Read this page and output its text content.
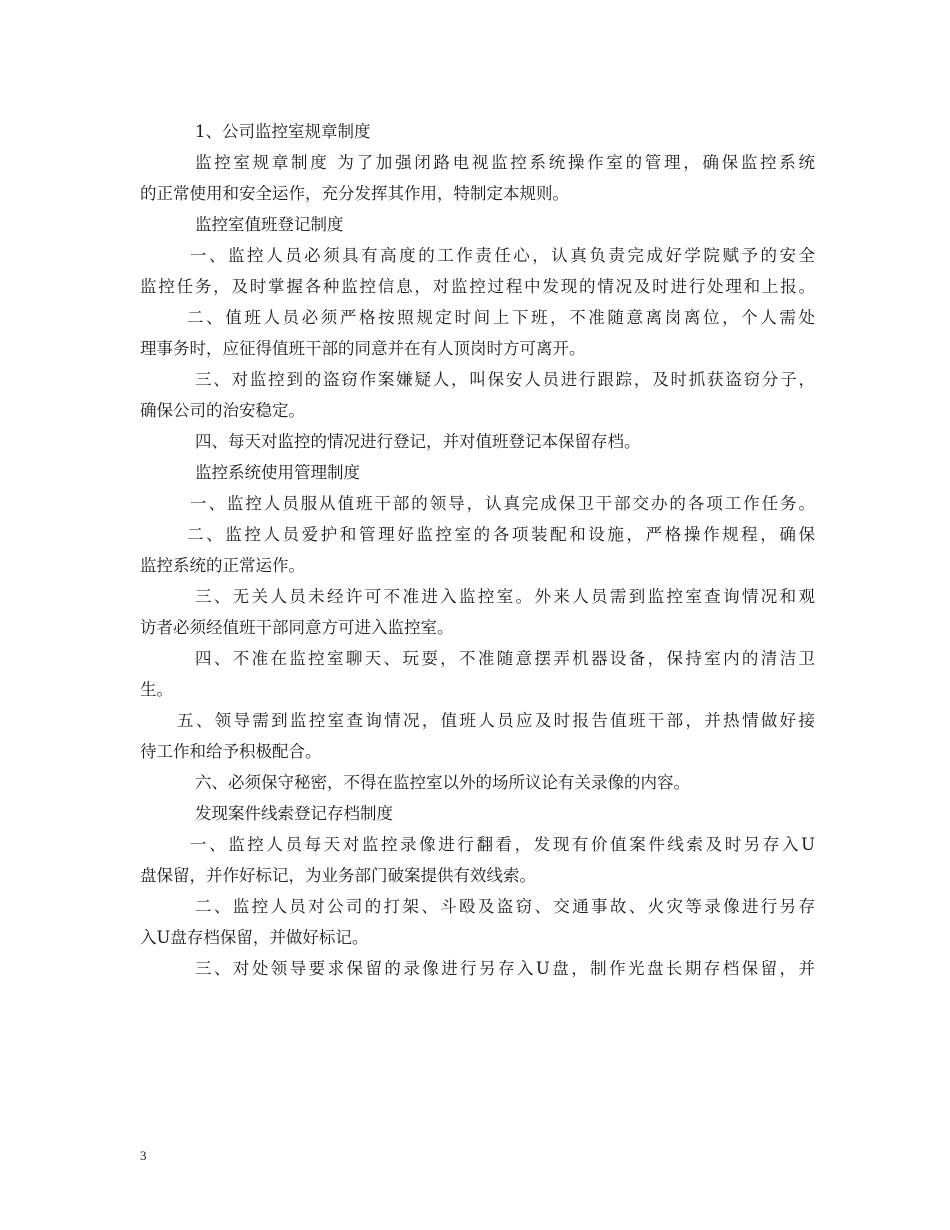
1、公司监控室规章制度
监控室规章制度 为了加强闭路电视监控系统操作室的管理，确保监控系统
的正常使用和安全运作，充分发挥其作用，特制定本规则。
监控室值班登记制度
一、监控人员必须具有高度的工作责任心，认真负责完成好学院赋予的安全
监控任务，及时掌握各种监控信息，对监控过程中发现的情况及时进行处理和上报。
二、值班人员必须严格按照规定时间上下班，不准随意离岗离位，个人需处
理事务时，应征得值班干部的同意并在有人顶岗时方可离开。
三、对监控到的盗窃作案嫌疑人，叫保安人员进行跟踪，及时抓获盗窃分子，
确保公司的治安稳定。
四、每天对监控的情况进行登记，并对值班登记本保留存档。
监控系统使用管理制度
一、监控人员服从值班干部的领导，认真完成保卫干部交办的各项工作任务。
二、监控人员爱护和管理好监控室的各项装配和设施，严格操作规程，确保
监控系统的正常运作。
三、无关人员未经许可不准进入监控室。外来人员需到监控室查询情况和观
访者必须经值班干部同意方可进入监控室。
四、不准在监控室聊天、玩耍，不准随意摆弄机器设备，保持室内的清洁卫
生。
五、领导需到监控室查询情况，值班人员应及时报告值班干部，并热情做好接
待工作和给予积极配合。
六、必须保守秘密，不得在监控室以外的场所议论有关录像的内容。
发现案件线索登记存档制度
一、监控人员每天对监控录像进行翻看，发现有价值案件线索及时另存入U
盘保留，并作好标记，为业务部门破案提供有效线索。
二、监控人员对公司的打架、斗殴及盗窃、交通事故、火灾等录像进行另存
入U盘存档保留，并做好标记。
三、对处领导要求保留的录像进行另存入U盘，制作光盘长期存档保留，并
3
